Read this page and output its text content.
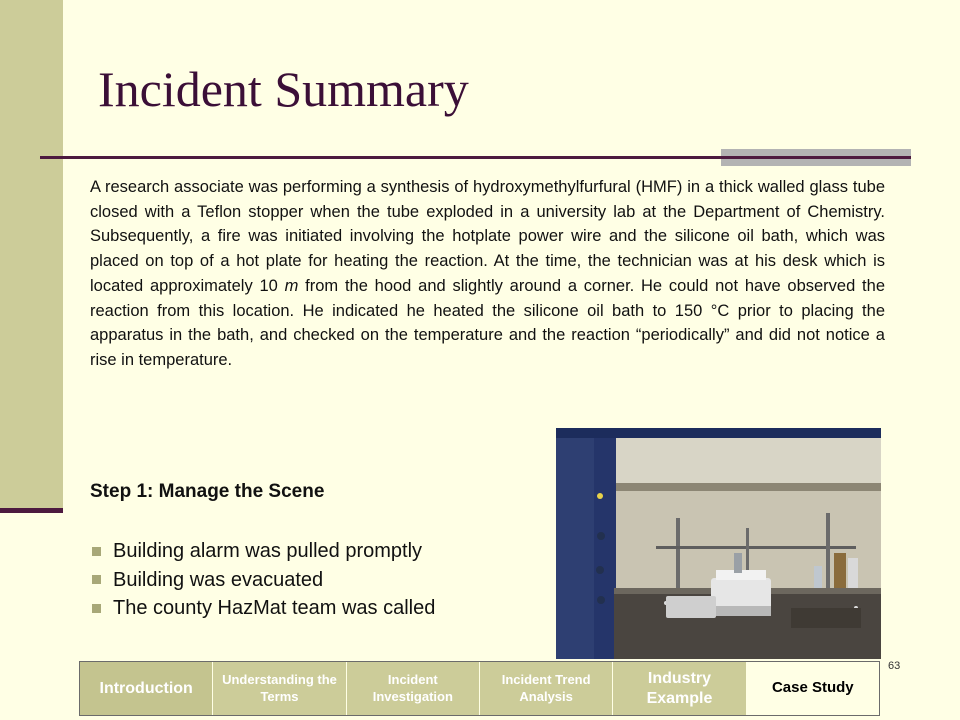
Incident Summary

A research associate was performing a synthesis of hydroxymethylfurfural (HMF) in a thick walled glass tube closed with a Teflon stopper when the tube exploded in a university lab at the Department of Chemistry. Subsequently, a fire was initiated involving the hotplate power wire and the silicone oil bath, which was placed on top of a hot plate for heating the reaction. At the time, the technician was at his desk which is located approximately 10 m from the hood and slightly around a corner. He could not have observed the reaction from this location. He indicated he heated the silicone oil bath to 150 °C prior to placing the apparatus in the bath, and checked on the temperature and the reaction “periodically” and did not notice a rise in temperature.

Step 1: Manage the Scene

Building alarm was pulled promptly
Building was evacuated
The county HazMat team was called
63
Introduction	Understanding the Terms
Incident Investigation
Incident Trend Analysis
Industry Example
Case Study
